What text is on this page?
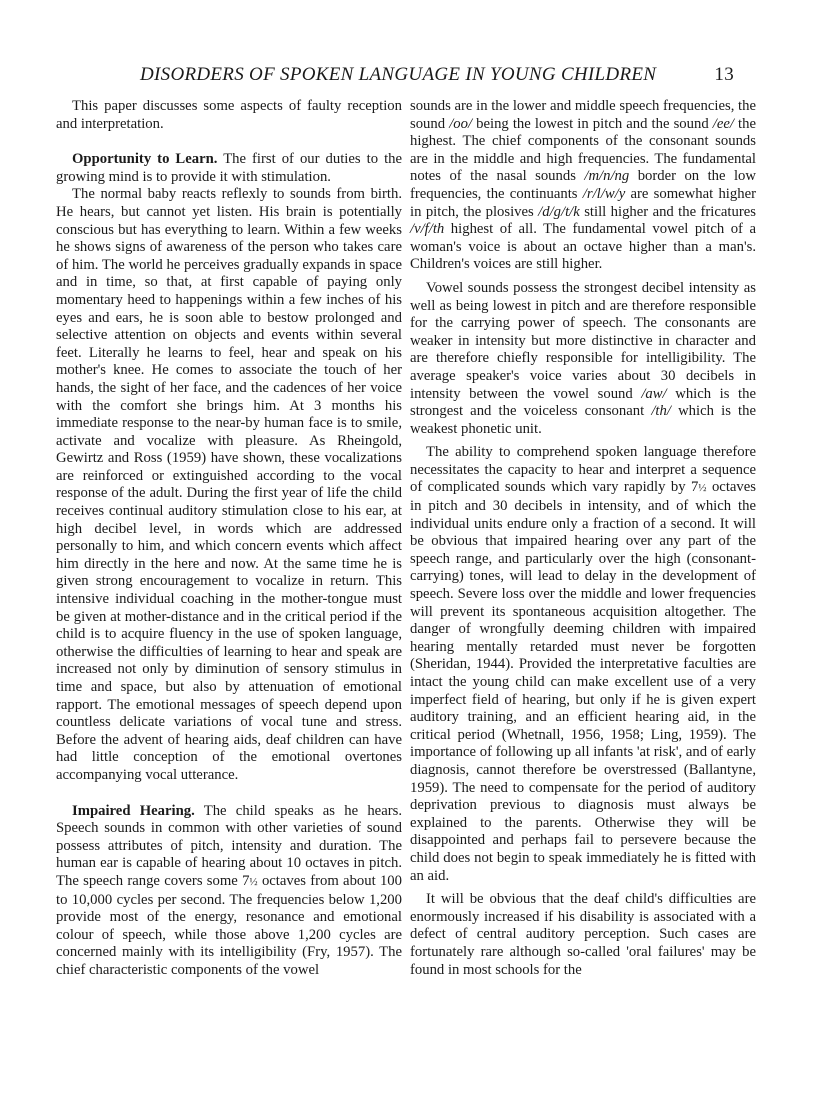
DISORDERS OF SPOKEN LANGUAGE IN YOUNG CHILDREN	13

This paper discusses some aspects of faulty reception and interpretation.

Opportunity to Learn. The first of our duties to the growing mind is to provide it with stimulation.

The normal baby reacts reflexly to sounds from birth. He hears, but cannot yet listen. His brain is potentially conscious but has everything to learn. Within a few weeks he shows signs of awareness of the person who takes care of him. The world he perceives gradually expands in space and in time, so that, at first capable of paying only momentary heed to happenings within a few inches of his eyes and ears, he is soon able to bestow prolonged and selective attention on objects and events within several feet. Literally he learns to feel, hear and speak on his mother's knee. He comes to associate the touch of her hands, the sight of her face, and the cadences of her voice with the comfort she brings him. At 3 months his immediate response to the near-by human face is to smile, activate and vocalize with pleasure. As Rheingold, Gewirtz and Ross (1959) have shown, these vocalizations are reinforced or extinguished according to the vocal response of the adult. During the first year of life the child receives continual auditory stimulation close to his ear, at high decibel level, in words which are addressed personally to him, and which concern events which affect him directly in the here and now. At the same time he is given strong encouragement to vocalize in return. This intensive individual coaching in the mother-tongue must be given at mother-distance and in the critical period if the child is to acquire fluency in the use of spoken language, otherwise the difficulties of learning to hear and speak are increased not only by diminution of sensory stimulus in time and space, but also by attenuation of emotional rapport. The emotional messages of speech depend upon countless delicate variations of vocal tune and stress. Before the advent of hearing aids, deaf children can have had little conception of the emotional overtones accompanying vocal utterance.

Impaired Hearing. The child speaks as he hears. Speech sounds in common with other varieties of sound possess attributes of pitch, intensity and duration. The human ear is capable of hearing about 10 octaves in pitch. The speech range covers some 7½ octaves from about 100 to 10,000 cycles per second. The frequencies below 1,200 provide most of the energy, resonance and emotional colour of speech, while those above 1,200 cycles are concerned mainly with its intelligibility (Fry, 1957). The chief characteristic components of the vowel

sounds are in the lower and middle speech frequencies, the sound /oo/ being the lowest in pitch and the sound /ee/ the highest. The chief components of the consonant sounds are in the middle and high frequencies. The fundamental notes of the nasal sounds /m/n/ng border on the low frequencies, the continuants /r/l/w/y are somewhat higher in pitch, the plosives /d/g/t/k still higher and the fricatures /v/f/th highest of all. The fundamental vowel pitch of a woman's voice is about an octave higher than a man's. Children's voices are still higher.

Vowel sounds possess the strongest decibel intensity as well as being lowest in pitch and are therefore responsible for the carrying power of speech. The consonants are weaker in intensity but more distinctive in character and are therefore chiefly responsible for intelligibility. The average speaker's voice varies about 30 decibels in intensity between the vowel sound /aw/ which is the strongest and the voiceless consonant /th/ which is the weakest phonetic unit.

The ability to comprehend spoken language therefore necessitates the capacity to hear and interpret a sequence of complicated sounds which vary rapidly by 7½ octaves in pitch and 30 decibels in intensity, and of which the individual units endure only a fraction of a second. It will be obvious that impaired hearing over any part of the speech range, and particularly over the high (consonant-carrying) tones, will lead to delay in the development of speech. Severe loss over the middle and lower frequencies will prevent its spontaneous acquisition altogether. The danger of wrongfully deeming children with impaired hearing mentally retarded must never be forgotten (Sheridan, 1944). Provided the interpretative faculties are intact the young child can make excellent use of a very imperfect field of hearing, but only if he is given expert auditory training, and an efficient hearing aid, in the critical period (Whetnall, 1956, 1958; Ling, 1959). The importance of following up all infants 'at risk', and of early diagnosis, cannot therefore be overstressed (Ballantyne, 1959). The need to compensate for the period of auditory deprivation previous to diagnosis must always be explained to the parents. Otherwise they will be disappointed and perhaps fail to persevere because the child does not begin to speak immediately he is fitted with an aid.

It will be obvious that the deaf child's difficulties are enormously increased if his disability is associated with a defect of central auditory perception. Such cases are fortunately rare although so-called 'oral failures' may be found in most schools for the
